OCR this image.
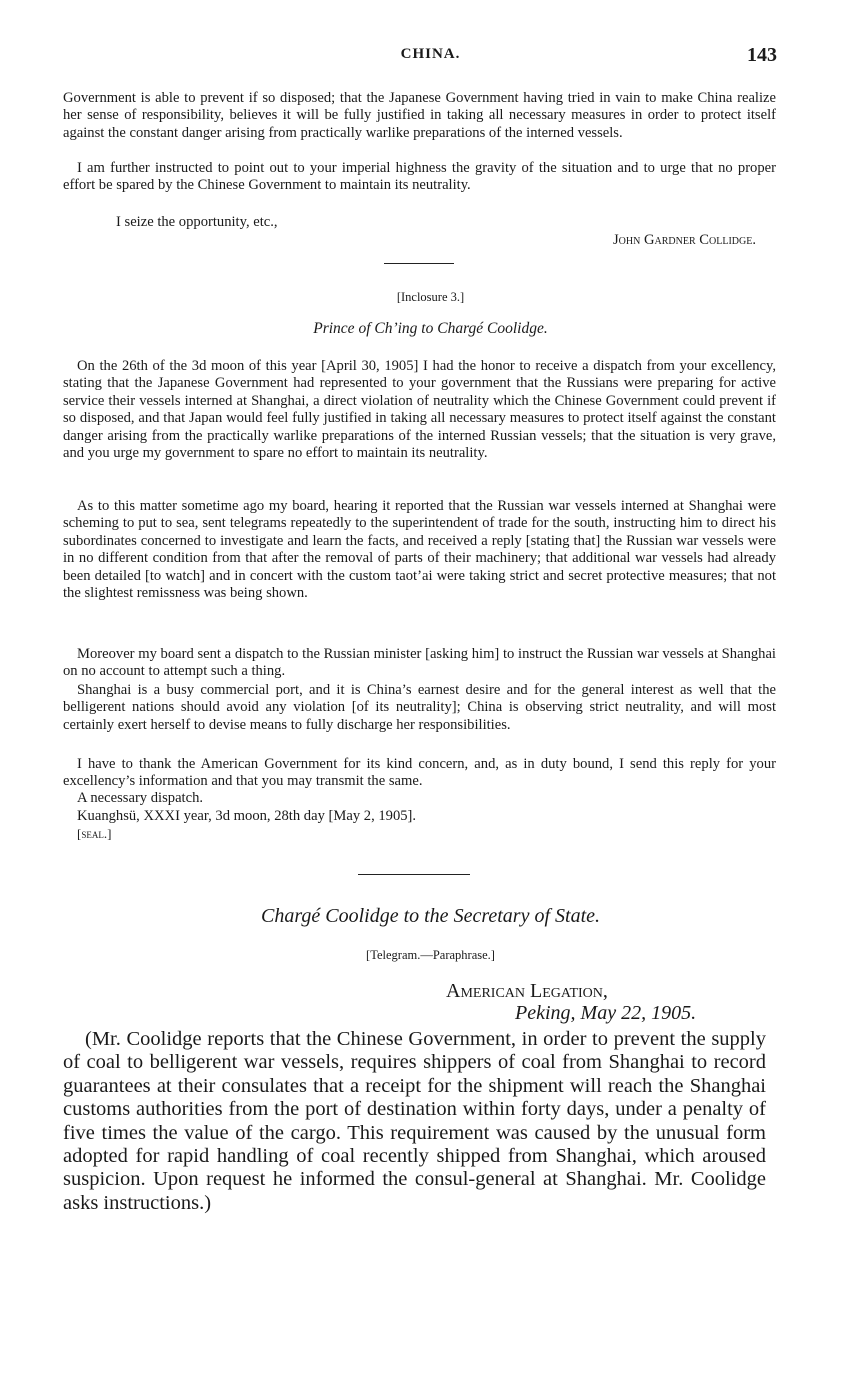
CHINA.	143

Government is able to prevent if so disposed; that the Japanese Government having tried in vain to make China realize her sense of responsibility, believes it will be fully justified in taking all necessary measures in order to protect itself against the constant danger arising from practically warlike preparations of the interned vessels.

I am further instructed to point out to your imperial highness the gravity of the situation and to urge that no proper effort be spared by the Chinese Government to maintain its neutrality.

I seize the opportunity, etc.,
John Gardner Collidge.
[Inclosure 3.]
Prince of Ch’ing to Chargé Coolidge.

On the 26th of the 3d moon of this year [April 30, 1905] I had the honor to receive a dispatch from your excellency, stating that the Japanese Government had represented to your government that the Russians were preparing for active service their vessels interned at Shanghai, a direct violation of neutrality which the Chinese Government could prevent if so disposed, and that Japan would feel fully justified in taking all necessary measures to protect itself against the constant danger arising from the practically warlike preparations of the interned Russian vessels; that the situation is very grave, and you urge my government to spare no effort to maintain its neutrality.

As to this matter sometime ago my board, hearing it reported that the Russian war vessels interned at Shanghai were scheming to put to sea, sent telegrams repeatedly to the superintendent of trade for the south, instructing him to direct his subordinates concerned to investigate and learn the facts, and received a reply [stating that] the Russian war vessels were in no different condition from that after the removal of parts of their machinery; that additional war vessels had already been detailed [to watch] and in concert with the custom taot’ai were taking strict and secret protective measures; that not the slightest remissness was being shown.

Moreover my board sent a dispatch to the Russian minister [asking him] to instruct the Russian war vessels at Shanghai on no account to attempt such a thing.

Shanghai is a busy commercial port, and it is China’s earnest desire and for the general interest as well that the belligerent nations should avoid any violation [of its neutrality]; China is observing strict neutrality, and will most certainly exert herself to devise means to fully discharge her responsibilities.

I have to thank the American Government for its kind concern, and, as in duty bound, I send this reply for your excellency’s information and that you may transmit the same.

A necessary dispatch.
Kuanghsü, XXXI year, 3d moon, 28th day [May 2, 1905].
[seal.]
Chargé Coolidge to the Secretary of State.
[Telegram.—Paraphrase.]
American Legation,
Peking, May 22, 1905.

(Mr. Coolidge reports that the Chinese Government, in order to prevent the supply of coal to belligerent war vessels, requires shippers of coal from Shanghai to record guarantees at their consulates that a receipt for the shipment will reach the Shanghai customs authorities from the port of destination within forty days, under a penalty of five times the value of the cargo. This requirement was caused by the unusual form adopted for rapid handling of coal recently shipped from Shanghai, which aroused suspicion. Upon request he informed the consul-general at Shanghai. Mr. Coolidge asks instructions.)
